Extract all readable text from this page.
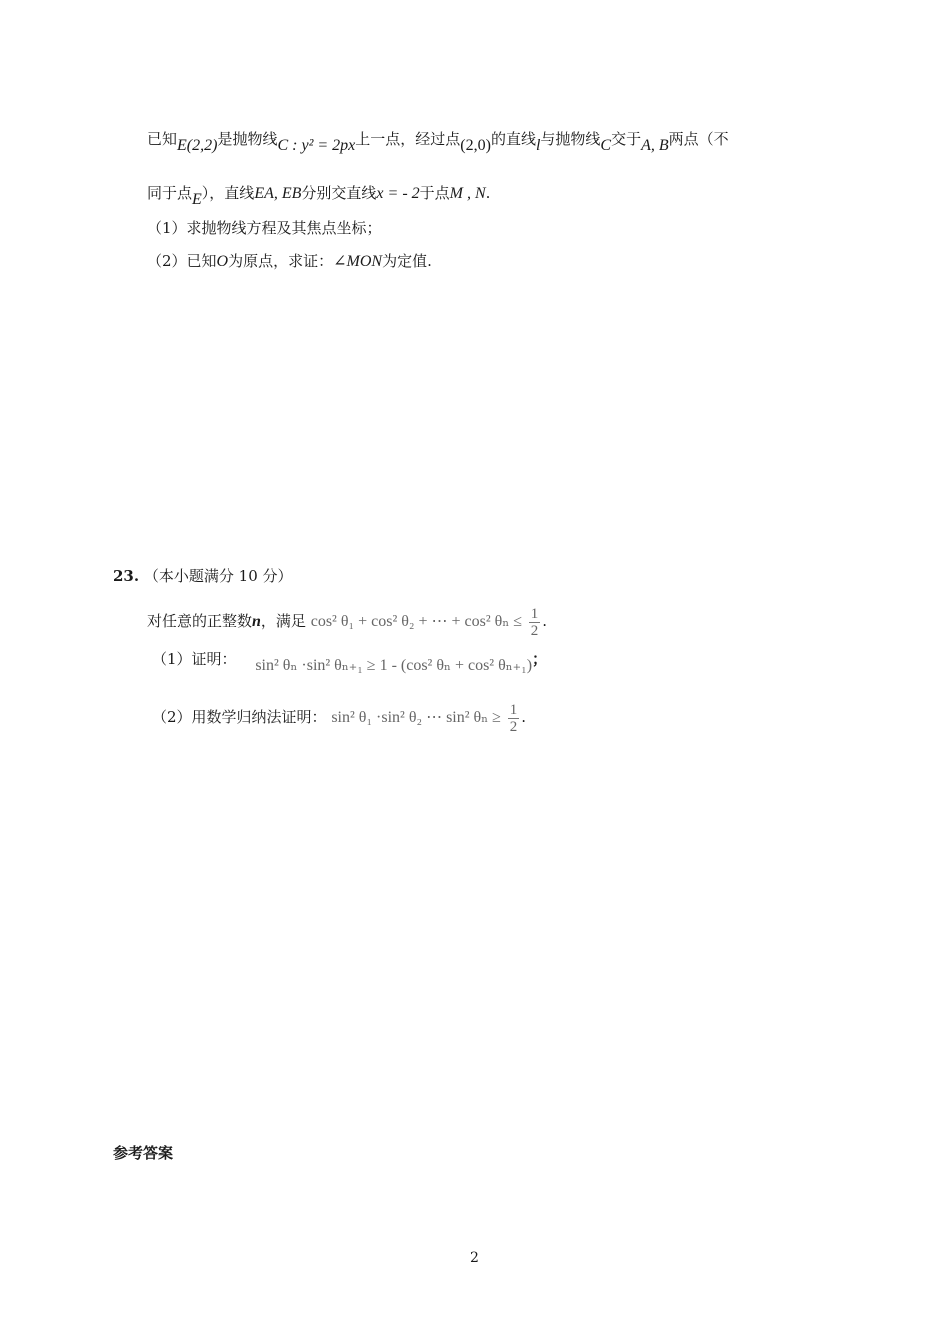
已知E(2,2)是抛物线C : y² = 2px上一点，经过点(2,0)的直线l与抛物线C交于A, B两点（不
同于点E），直线EA, EB分别交直线x = - 2于点M , N.
（1）求抛物线方程及其焦点坐标；
（2）已知O为原点，求证：∠MON为定值.
23. （本小题满分 10 分）
对任意的正整数n，满足 cos² θ₁ + cos² θ₂ + ⋯ + cos² $\theta_n \le \frac{1}{2}$ .
（1）证明： sin² θₙ ·sin² θₙ₊₁ ≥ 1 - (cos² θₙ + cos² θₙ₊₁)；
（2）用数学归纳法证明： sin² θ₁ ·sin² θ₂ ⋯ sin² $\theta_n \ge \frac{1}{2}$ .
参考答案
2
